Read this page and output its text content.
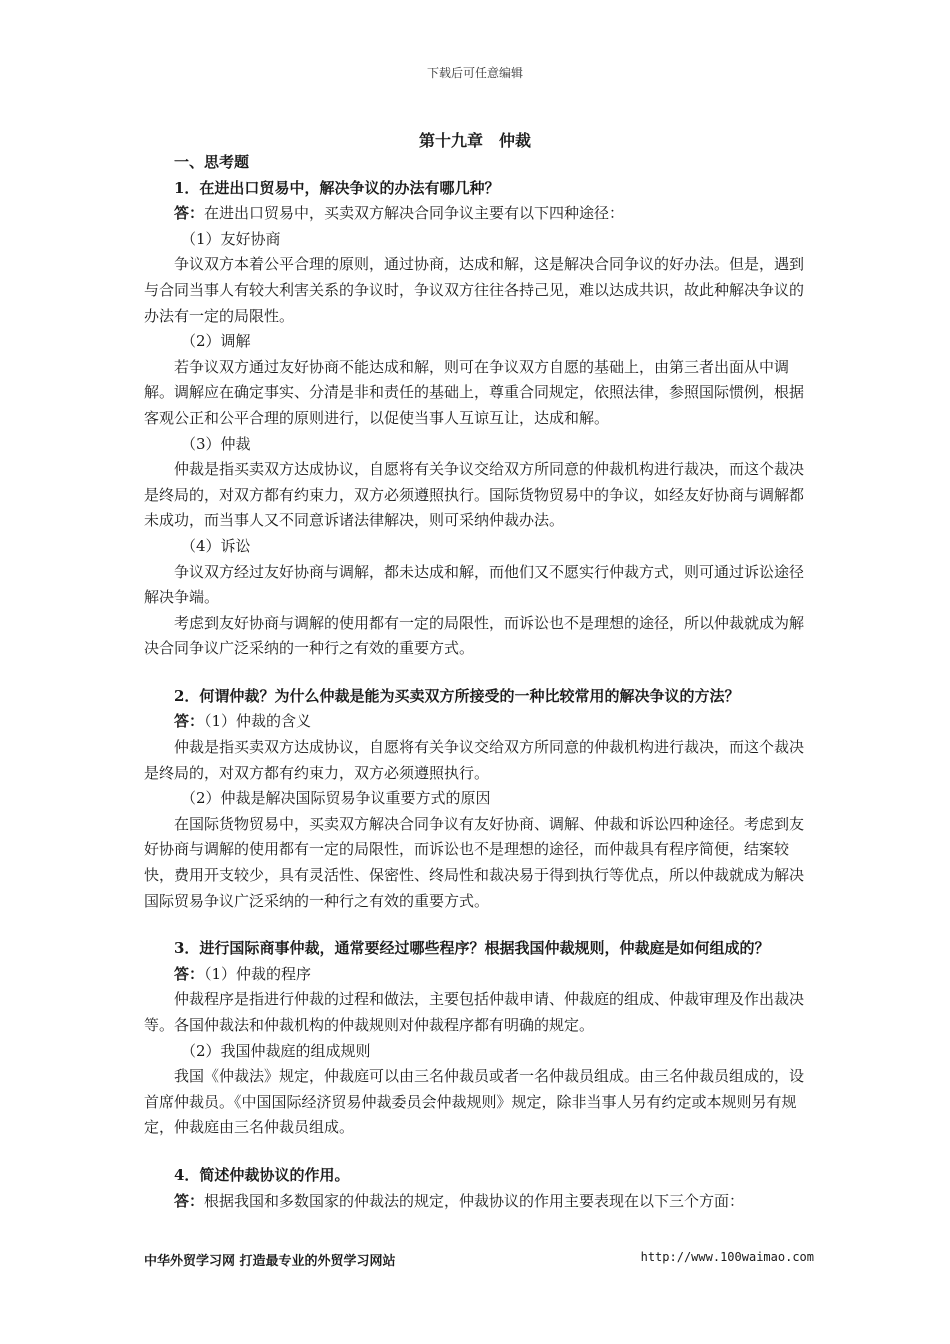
下载后可任意编辑
第十九章　仲裁

一、思考题

1．在进出口贸易中，解决争议的办法有哪几种？

答：在进出口贸易中，买卖双方解决合同争议主要有以下四种途径：

（1）友好协商

争议双方本着公平合理的原则，通过协商，达成和解，这是解决合同争议的好办法。但是，遇到与合同当事人有较大利害关系的争议时，争议双方往往各持己见，难以达成共识，故此种解决争议的办法有一定的局限性。

（2）调解

若争议双方通过友好协商不能达成和解，则可在争议双方自愿的基础上，由第三者出面从中调解。调解应在确定事实、分清是非和责任的基础上，尊重合同规定，依照法律，参照国际惯例，根据客观公正和公平合理的原则进行，以促使当事人互谅互让，达成和解。

（3）仲裁

仲裁是指买卖双方达成协议，自愿将有关争议交给双方所同意的仲裁机构进行裁决，而这个裁决是终局的，对双方都有约束力，双方必须遵照执行。国际货物贸易中的争议，如经友好协商与调解都未成功，而当事人又不同意诉诸法律解决，则可采纳仲裁办法。

（4）诉讼

争议双方经过友好协商与调解，都未达成和解，而他们又不愿实行仲裁方式，则可通过诉讼途径解决争端。

考虑到友好协商与调解的使用都有一定的局限性，而诉讼也不是理想的途径，所以仲裁就成为解决合同争议广泛采纳的一种行之有效的重要方式。

2．何谓仲裁？为什么仲裁是能为买卖双方所接受的一种比较常用的解决争议的方法？

答：（1）仲裁的含义

仲裁是指买卖双方达成协议，自愿将有关争议交给双方所同意的仲裁机构进行裁决，而这个裁决是终局的，对双方都有约束力，双方必须遵照执行。

（2）仲裁是解决国际贸易争议重要方式的原因

在国际货物贸易中，买卖双方解决合同争议有友好协商、调解、仲裁和诉讼四种途径。考虑到友好协商与调解的使用都有一定的局限性，而诉讼也不是理想的途径，而仲裁具有程序简便，结案较快，费用开支较少，具有灵活性、保密性、终局性和裁决易于得到执行等优点，所以仲裁就成为解决国际贸易争议广泛采纳的一种行之有效的重要方式。

3．进行国际商事仲裁，通常要经过哪些程序？根据我国仲裁规则，仲裁庭是如何组成的？

答：（1）仲裁的程序

仲裁程序是指进行仲裁的过程和做法，主要包括仲裁申请、仲裁庭的组成、仲裁审理及作出裁决等。各国仲裁法和仲裁机构的仲裁规则对仲裁程序都有明确的规定。

（2）我国仲裁庭的组成规则

我国《仲裁法》规定，仲裁庭可以由三名仲裁员或者一名仲裁员组成。由三名仲裁员组成的，设首席仲裁员。《中国国际经济贸易仲裁委员会仲裁规则》规定，除非当事人另有约定或本规则另有规定，仲裁庭由三名仲裁员组成。

4．简述仲裁协议的作用。

答：根据我国和多数国家的仲裁法的规定，仲裁协议的作用主要表现在以下三个方面：

中华外贸学习网 打造最专业的外贸学习网站	http://www.100waimao.com
